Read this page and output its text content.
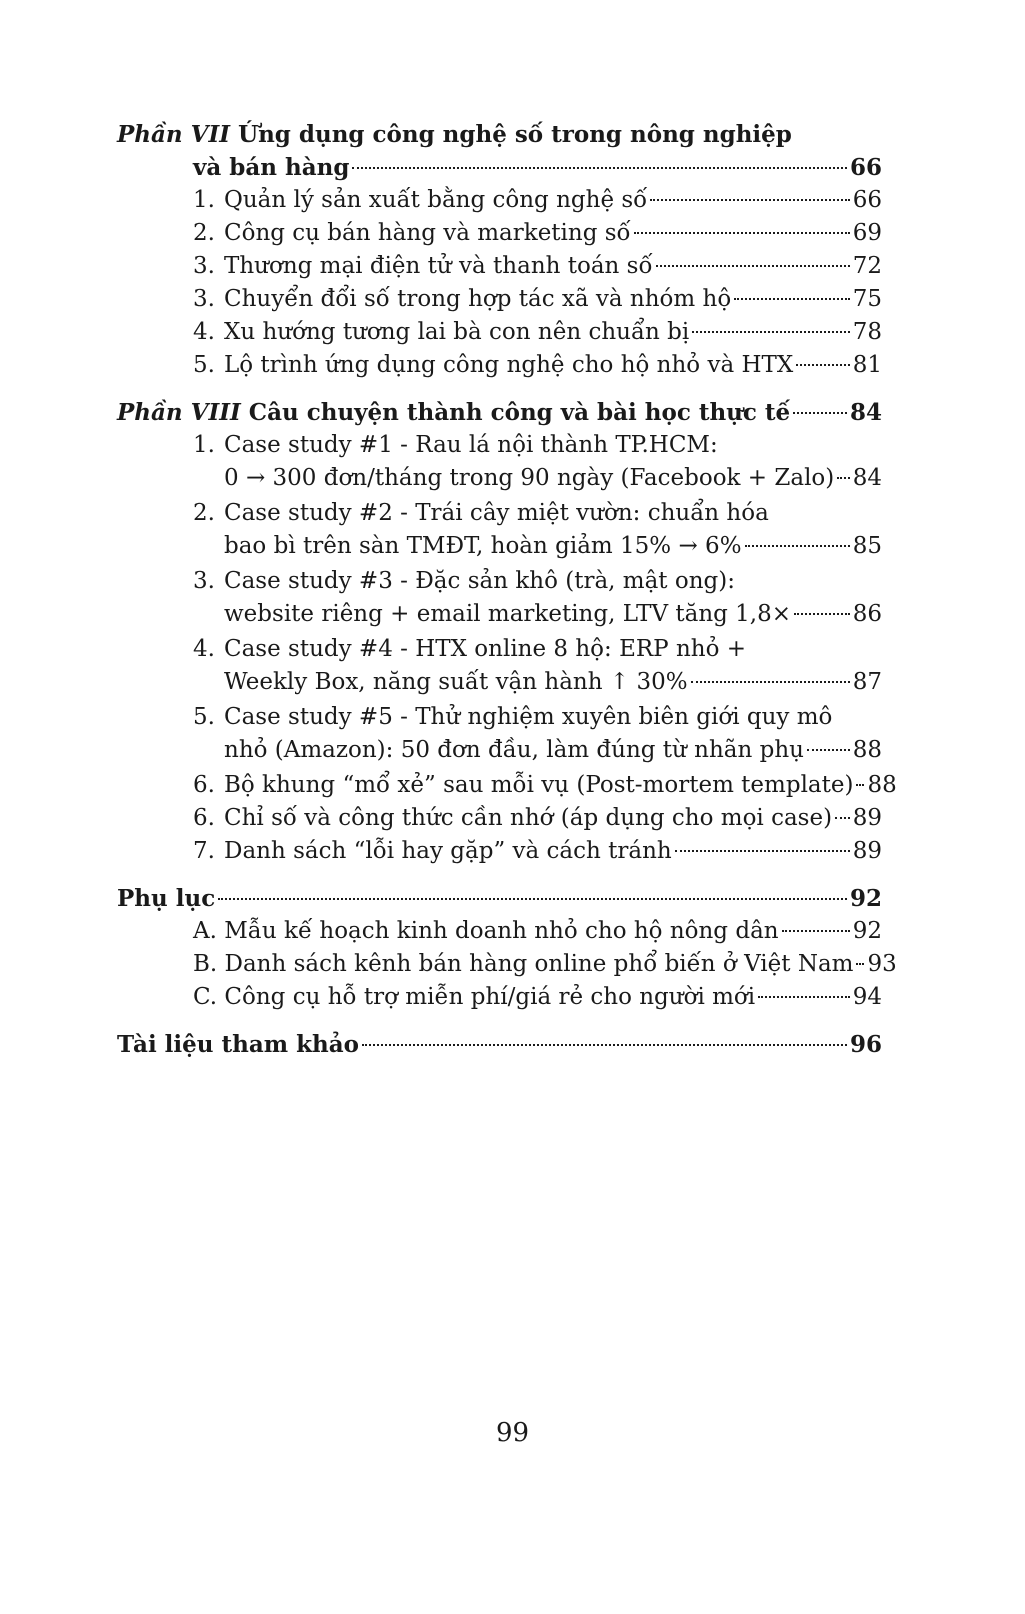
Phần VII Ứng dụng công nghệ số trong nông nghiệp
và bán hàng	66
1. Quản lý sản xuất bằng công nghệ số	66
2. Công cụ bán hàng và marketing số	69
3. Thương mại điện tử và thanh toán số	72
3. Chuyển đổi số trong hợp tác xã và nhóm hộ	75
4. Xu hướng tương lai bà con nên chuẩn bị	78
5. Lộ trình ứng dụng công nghệ cho hộ nhỏ và HTX	81
Phần VIII Câu chuyện thành công và bài học thực tế	84
1. Case study #1 - Rau lá nội thành TP.HCM:
0 → 300 đơn/tháng trong 90 ngày (Facebook + Zalo) 84
2. Case study #2 - Trái cây miệt vườn: chuẩn hóa
bao bì trên sàn TMĐT, hoàn giảm 15% → 6%	85
3. Case study #3 - Đặc sản khô (trà, mật ong):
website riêng + email marketing, LTV tăng 1,8×	86
4. Case study #4 - HTX online 8 hộ: ERP nhỏ +
Weekly Box, năng suất vận hành ↑ 30%	87
5. Case study #5 - Thử nghiệm xuyên biên giới quy mô
nhỏ (Amazon): 50 đơn đầu, làm đúng từ nhãn phụ 88
6. Bộ khung “mổ xẻ” sau mỗi vụ (Post-mortem template) 88
6. Chỉ số và công thức cần nhớ (áp dụng cho mọi case) 89
7. Danh sách “lỗi hay gặp” và cách tránh	89
Phụ lục	92
A. Mẫu kế hoạch kinh doanh nhỏ cho hộ nông dân	92
B. Danh sách kênh bán hàng online phổ biến ở Việt Nam 93
C. Công cụ hỗ trợ miễn phí/giá rẻ cho người mới	94
Tài liệu tham khảo	96
99
